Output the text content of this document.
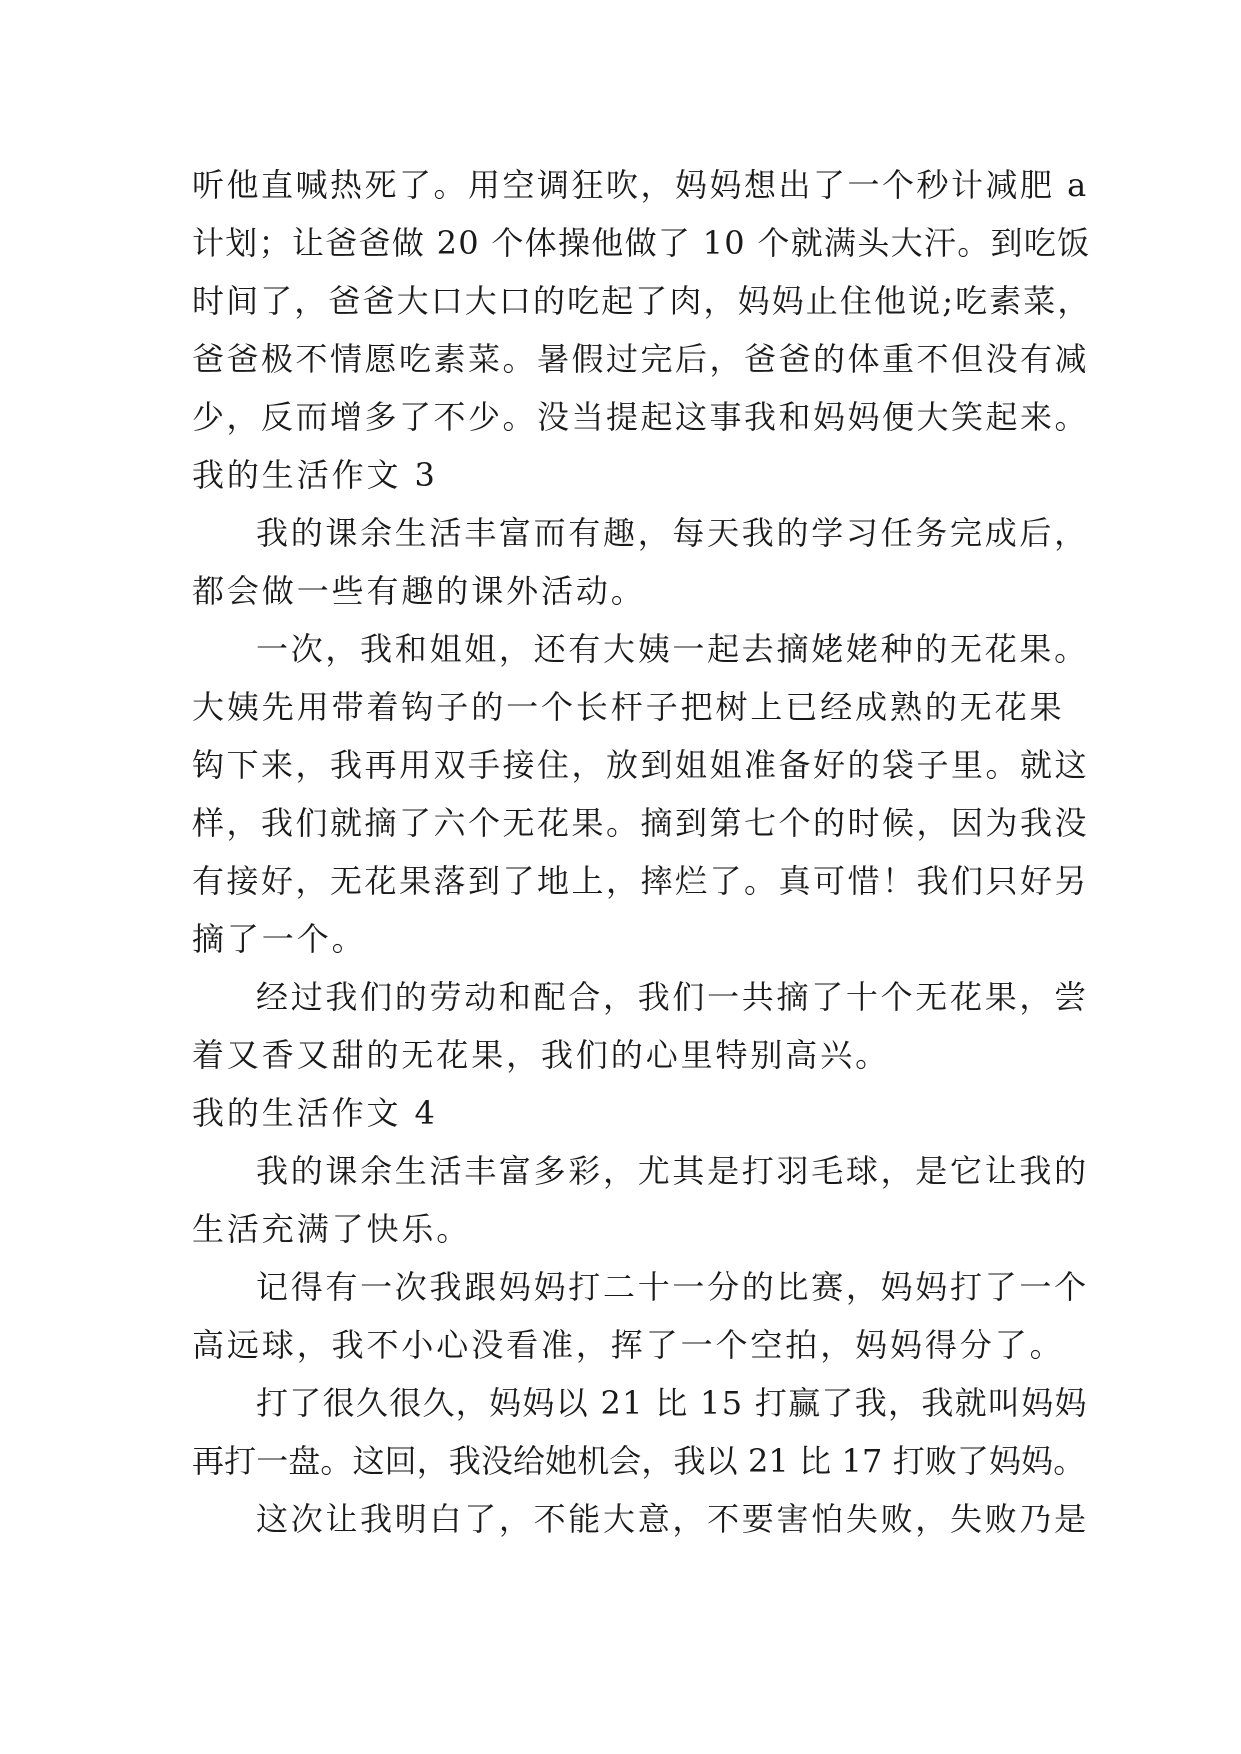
听他直喊热死了。用空调狂吹，妈妈想出了一个秒计减肥 a
计划；让爸爸做 20 个体操他做了 10 个就满头大汗。到吃饭
时间了，爸爸大口大口的吃起了肉，妈妈止住他说;吃素菜，
爸爸极不情愿吃素菜。暑假过完后，爸爸的体重不但没有减
少，反而增多了不少。没当提起这事我和妈妈便大笑起来。
我的生活作文 3
我的课余生活丰富而有趣，每天我的学习任务完成后，
都会做一些有趣的课外活动。
一次，我和姐姐，还有大姨一起去摘姥姥种的无花果。
大姨先用带着钩子的一个长杆子把树上已经成熟的无花果
钩下来，我再用双手接住，放到姐姐准备好的袋子里。就这
样，我们就摘了六个无花果。摘到第七个的时候，因为我没
有接好，无花果落到了地上，摔烂了。真可惜！我们只好另
摘了一个。
经过我们的劳动和配合，我们一共摘了十个无花果，尝
着又香又甜的无花果，我们的心里特别高兴。
我的生活作文 4
我的课余生活丰富多彩，尤其是打羽毛球，是它让我的
生活充满了快乐。
记得有一次我跟妈妈打二十一分的比赛，妈妈打了一个
高远球，我不小心没看准，挥了一个空拍，妈妈得分了。
打了很久很久，妈妈以 21 比 15 打赢了我，我就叫妈妈
再打一盘。这回，我没给她机会，我以 21 比 17 打败了妈妈。
这次让我明白了，不能大意，不要害怕失败，失败乃是
